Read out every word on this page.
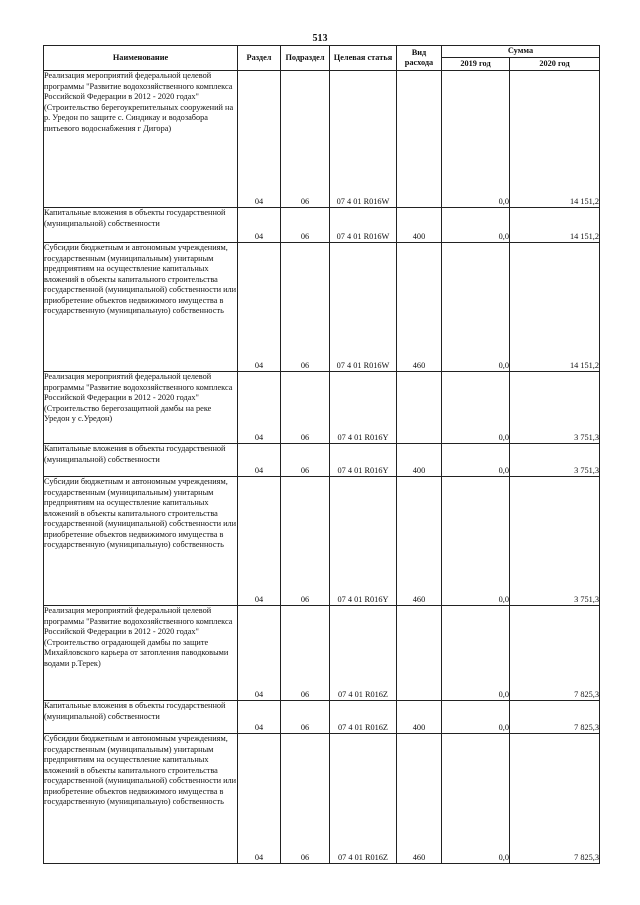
513
Наименование	Раздел	Подраздел	Целевая статья	Вид расхода	Сумма	
					2019 год	2020 год
Реализация мероприятий федеральной целевой программы "Развитие водохозяйственного комплекса Российской Федерации в 2012 - 2020 годах" (Строительство берегоукрепительных сооружений на р. Уредон по защите с. Синдикау и водозабора питьевого водоснабжения г Дигора)	04	06	07 4 01 R016W		0,0	14 151,2
Капитальные вложения в объекты государственной (муниципальной) собственности	04	06	07 4 01 R016W	400	0,0	14 151,2
Субсидии бюджетным и автономным учреждениям, государственным (муниципальным) унитарным предприятиям на осуществление капитальных вложений в объекты капитального строительства государственной (муниципальной) собственности или приобретение объектов недвижимого имущества в государственную (муниципальную) собственность	04	06	07 4 01 R016W	460	0,0	14 151,2
Реализация мероприятий федеральной целевой программы "Развитие водохозяйственного комплекса Российской Федерации в 2012 - 2020 годах" (Строительство берегозащитной дамбы на реке Уредон у с.Уредон)	04	06	07 4 01 R016Y		0,0	3 751,3
Капитальные вложения в объекты государственной (муниципальной) собственности	04	06	07 4 01 R016Y	400	0,0	3 751,3
Субсидии бюджетным и автономным учреждениям, государственным (муниципальным) унитарным предприятиям на осуществление капитальных вложений в объекты капитального строительства государственной (муниципальной) собственности или приобретение объектов недвижимого имущества в государственную (муниципальную) собственность	04	06	07 4 01 R016Y	460	0,0	3 751,3
Реализация мероприятий федеральной целевой программы "Развитие водохозяйственного комплекса Российской Федерации в 2012 - 2020 годах" (Строительство оградающей дамбы по защите Михайловского карьера от затопления паводковыми водами р.Терек)	04	06	07 4 01 R016Z		0,0	7 825,3
Капитальные вложения в объекты государственной (муниципальной) собственности	04	06	07 4 01 R016Z	400	0,0	7 825,3
Субсидии бюджетным и автономным учреждениям, государственным (муниципальным) унитарным предприятиям на осуществление капитальных вложений в объекты капитального строительства государственной (муниципальной) собственности или приобретение объектов недвижимого имущества в государственную (муниципальную) собственность	04	06	07 4 01 R016Z	460	0,0	7 825,3
